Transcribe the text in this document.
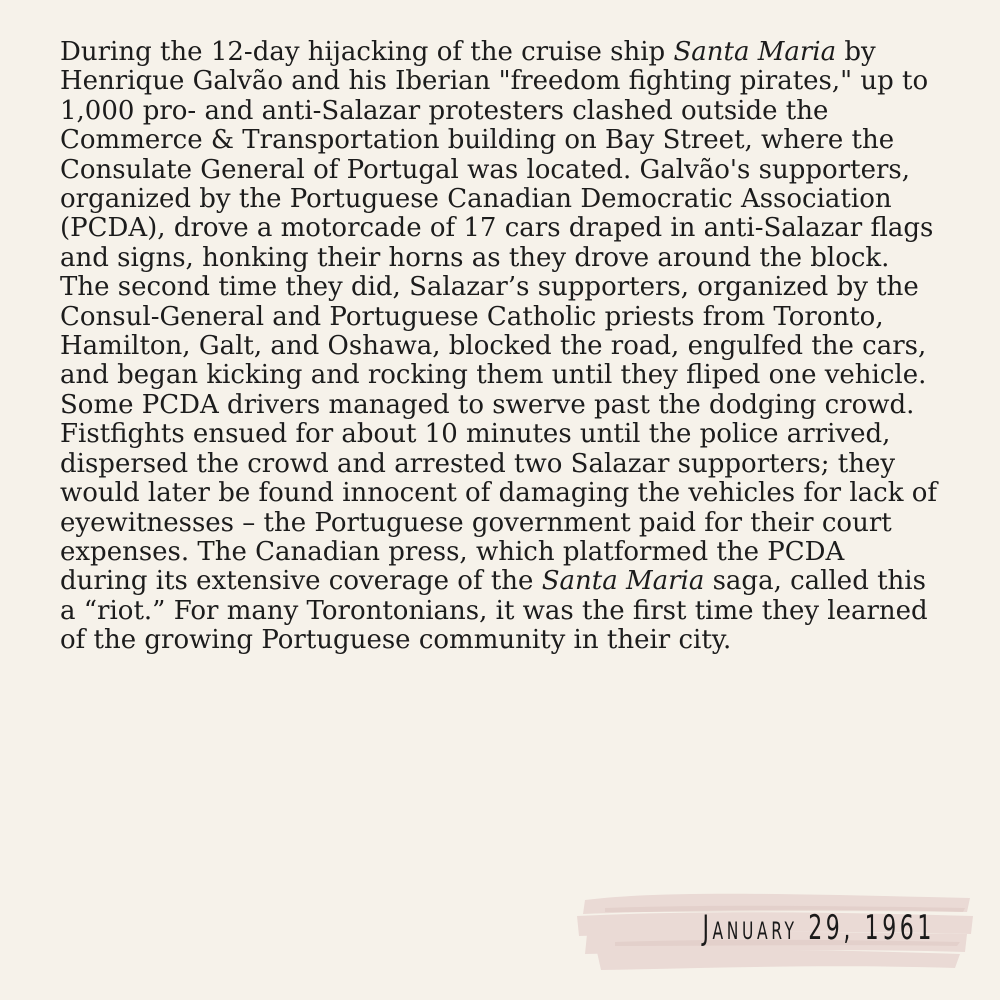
During the 12-day hijacking of the cruise ship Santa Maria by Henrique Galvão and his Iberian "freedom fighting pirates," up to 1,000 pro- and anti-Salazar protesters clashed outside the Commerce & Transportation building on Bay Street, where the Consulate General of Portugal was located. Galvão's supporters, organized by the Portuguese Canadian Democratic Association (PCDA), drove a motorcade of 17 cars draped in anti-Salazar flags and signs, honking their horns as they drove around the block. The second time they did, Salazar’s supporters, organized by the Consul-General and Portuguese Catholic priests from Toronto, Hamilton, Galt, and Oshawa, blocked the road, engulfed the cars, and began kicking and rocking them until they fliped one vehicle. Some PCDA drivers managed to swerve past the dodging crowd. Fistfights ensued for about 10 minutes until the police arrived, dispersed the crowd and arrested two Salazar supporters; they would later be found innocent of damaging the vehicles for lack of eyewitnesses – the Portuguese government paid for their court expenses. The Canadian press, which platformed the PCDA during its extensive coverage of the Santa Maria saga, called this a “riot.” For many Torontonians, it was the first time they learned of the growing Portuguese community in their city.

January 29, 1961
